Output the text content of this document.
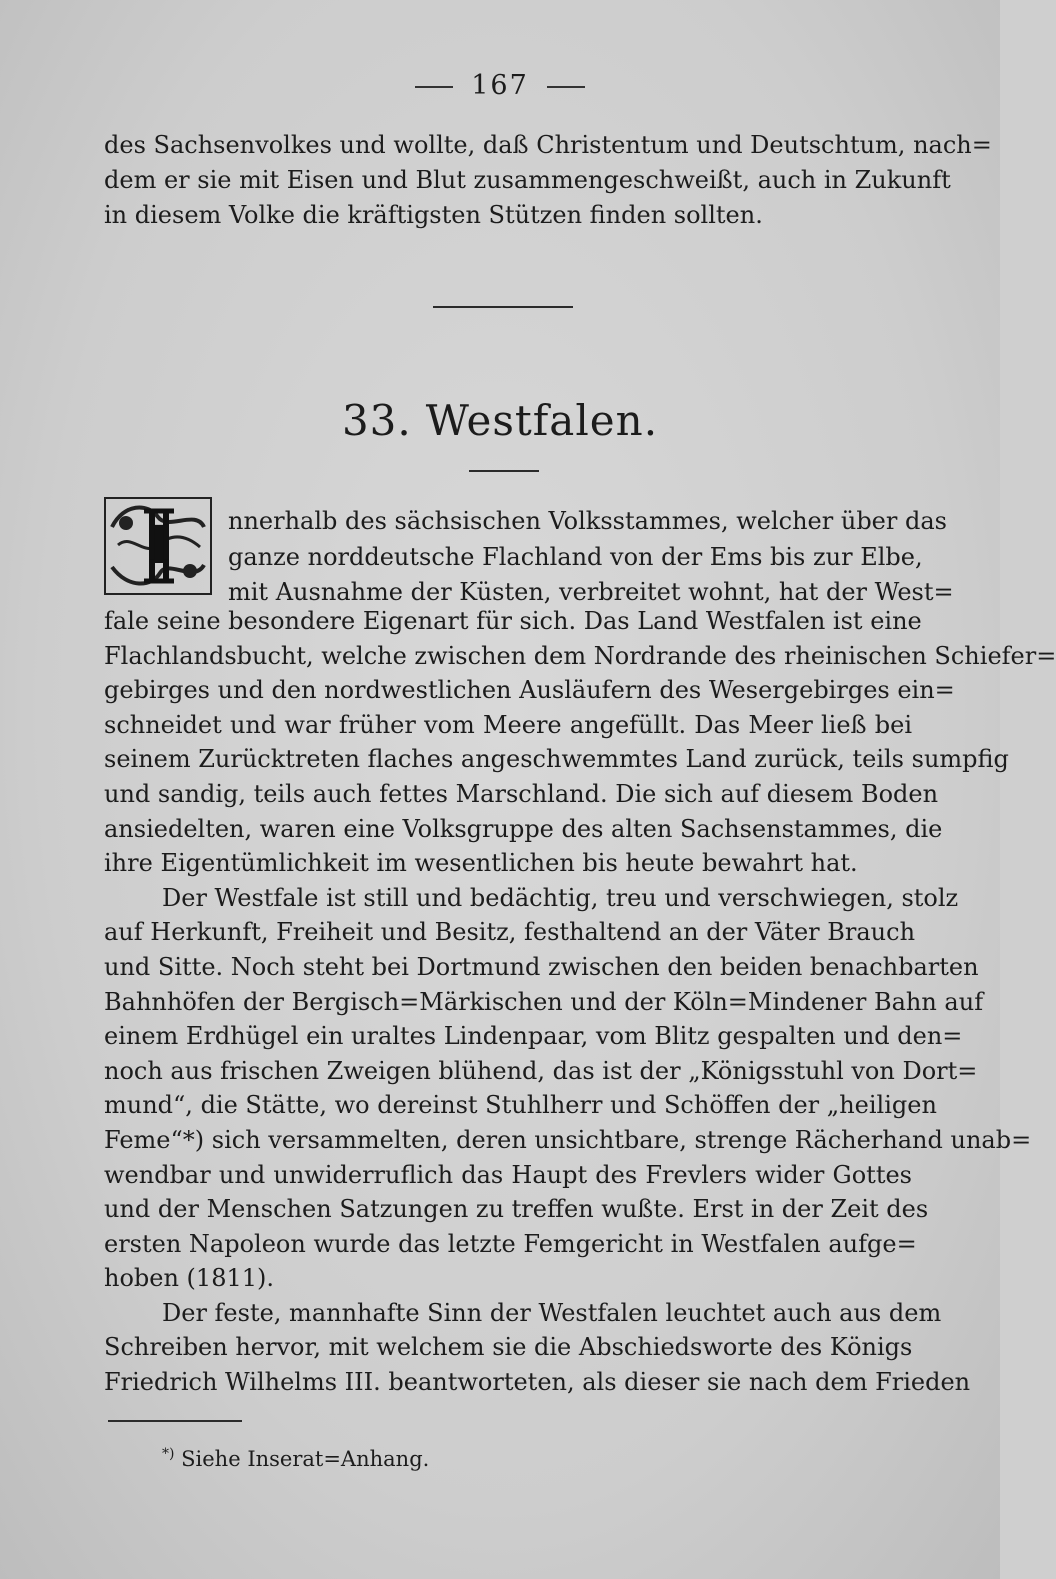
167
des Sachsenvolkes und wollte, daß Christentum und Deutschtum, nach=
dem er sie mit Eisen und Blut zusammengeschweißt, auch in Zukunft
in diesem Volke die kräftigsten Stützen finden sollten.
33. Westfalen.
I nnerhalb des sächsischen Volksstammes, welcher über das
ganze norddeutsche Flachland von der Ems bis zur Elbe,
mit Ausnahme der Küsten, verbreitet wohnt, hat der West=
fale seine besondere Eigenart für sich. Das Land Westfalen ist eine
Flachlandsbucht, welche zwischen dem Nordrande des rheinischen Schiefer=
gebirges und den nordwestlichen Ausläufern des Wesergebirges ein=
schneidet und war früher vom Meere angefüllt. Das Meer ließ bei
seinem Zurücktreten flaches angeschwemmtes Land zurück, teils sumpfig
und sandig, teils auch fettes Marschland. Die sich auf diesem Boden
ansiedelten, waren eine Volksgruppe des alten Sachsenstammes, die
ihre Eigentümlichkeit im wesentlichen bis heute bewahrt hat.
Der Westfale ist still und bedächtig, treu und verschwiegen, stolz
auf Herkunft, Freiheit und Besitz, festhaltend an der Väter Brauch
und Sitte. Noch steht bei Dortmund zwischen den beiden benachbarten
Bahnhöfen der Bergisch=Märkischen und der Köln=Mindener Bahn auf
einem Erdhügel ein uraltes Lindenpaar, vom Blitz gespalten und den=
noch aus frischen Zweigen blühend, das ist der „Königsstuhl von Dort=
mund“, die Stätte, wo dereinst Stuhlherr und Schöffen der „heiligen
Feme“*) sich versammelten, deren unsichtbare, strenge Rächerhand unab=
wendbar und unwiderruflich das Haupt des Frevlers wider Gottes
und der Menschen Satzungen zu treffen wußte. Erst in der Zeit des
ersten Napoleon wurde das letzte Femgericht in Westfalen aufge=
hoben (1811).
Der feste, mannhafte Sinn der Westfalen leuchtet auch aus dem
Schreiben hervor, mit welchem sie die Abschiedsworte des Königs
Friedrich Wilhelms III. beantworteten, als dieser sie nach dem Frieden
*) Siehe Inserat=Anhang.
